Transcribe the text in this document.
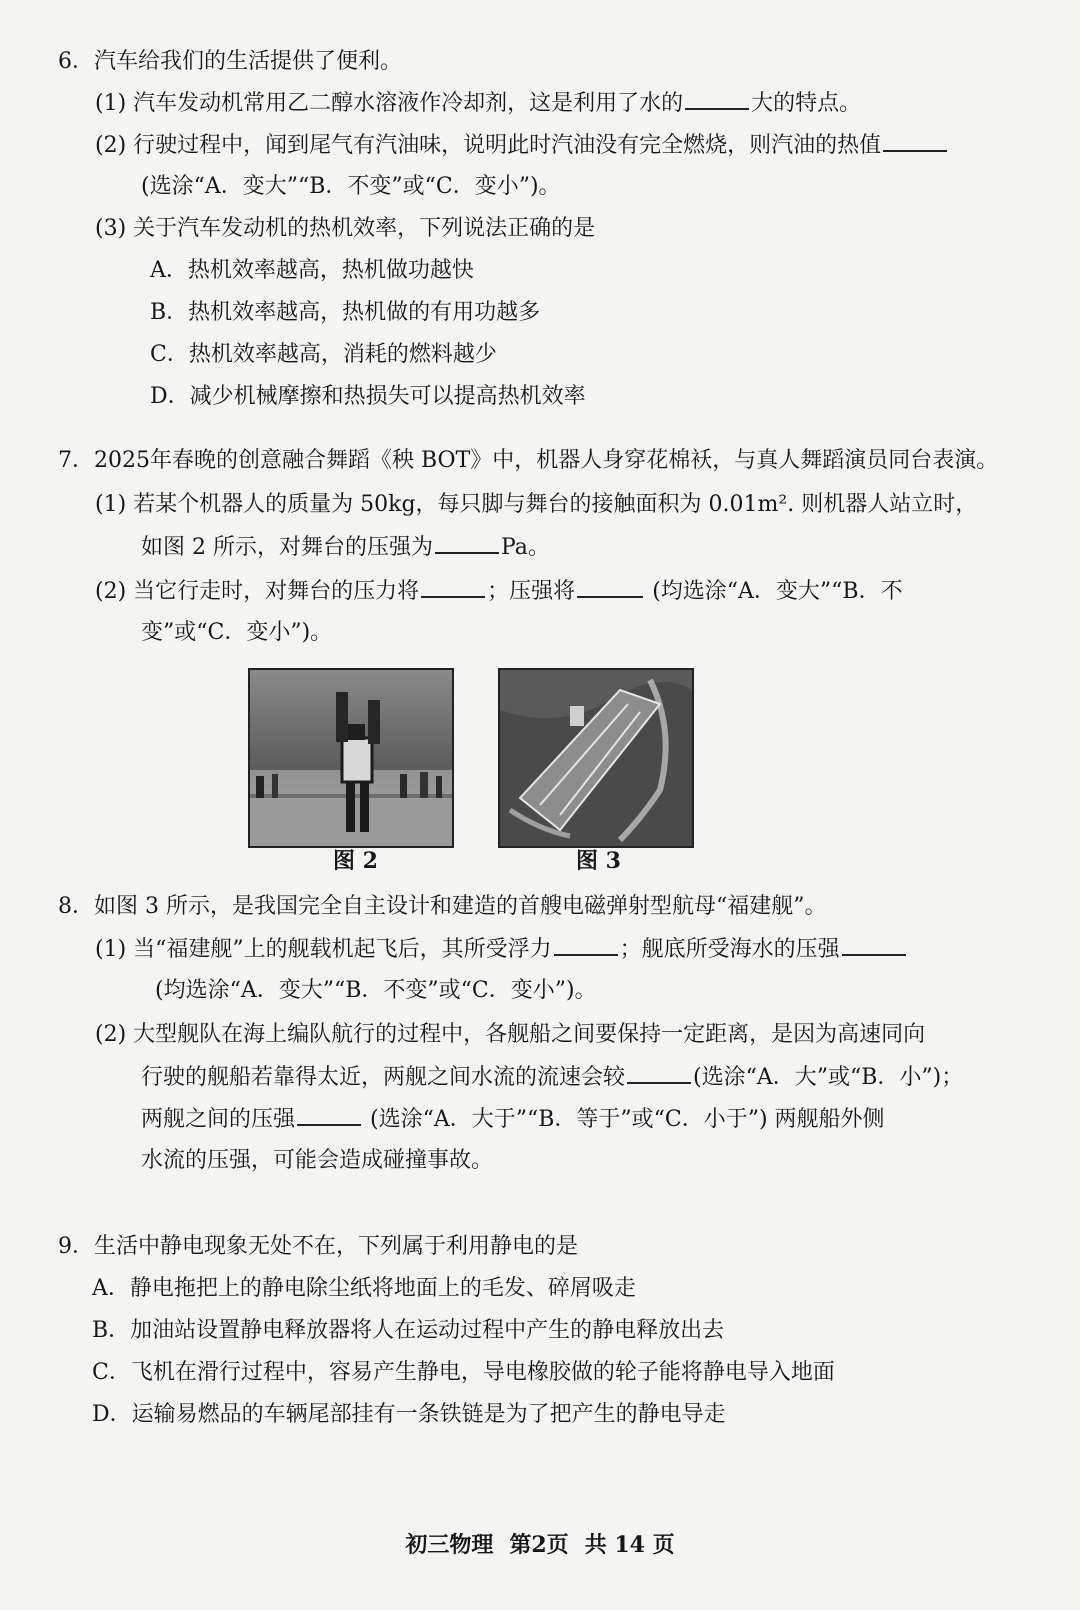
6．汽车给我们的生活提供了便利。
(1) 汽车发动机常用乙二醇水溶液作冷却剂，这是利用了水的	大的特点。
(2) 行驶过程中，闻到尾气有汽油味，说明此时汽油没有完全燃烧，则汽油的热值
(选涂“A．变大”“B．不变”或“C．变小”)。
(3) 关于汽车发动机的热机效率，下列说法正确的是
A．热机效率越高，热机做功越快
B．热机效率越高，热机做的有用功越多
C．热机效率越高，消耗的燃料越少
D．减少机械摩擦和热损失可以提高热机效率
7．2025年春晚的创意融合舞蹈《秧 BOT》中，机器人身穿花棉袄，与真人舞蹈演员同台表演。
(1) 若某个机器人的质量为 50kg，每只脚与舞台的接触面积为 0.01m². 则机器人站立时，
如图 2 所示，对舞台的压强为	Pa。
(2) 当它行走时，对舞台的压力将	；压强将	(均选涂“A．变大”“B．不
变”或“C．变小”)。
图 2	图 3
8．如图 3 所示，是我国完全自主设计和建造的首艘电磁弹射型航母“福建舰”。
(1) 当“福建舰”上的舰载机起飞后，其所受浮力	；舰底所受海水的压强
(均选涂“A．变大”“B．不变”或“C．变小”)。
(2) 大型舰队在海上编队航行的过程中，各舰船之间要保持一定距离，是因为高速同向
行驶的舰船若靠得太近，两舰之间水流的流速会较	(选涂“A．大”或“B．小”)；
两舰之间的压强	(选涂“A．大于”“B．等于”或“C．小于”) 两舰船外侧
水流的压强，可能会造成碰撞事故。
9．生活中静电现象无处不在，下列属于利用静电的是
A．静电拖把上的静电除尘纸将地面上的毛发、碎屑吸走
B．加油站设置静电释放器将人在运动过程中产生的静电释放出去
C．飞机在滑行过程中，容易产生静电，导电橡胶做的轮子能将静电导入地面
D．运输易燃品的车辆尾部挂有一条铁链是为了把产生的静电导走
初三物理 第2页 共 14 页
